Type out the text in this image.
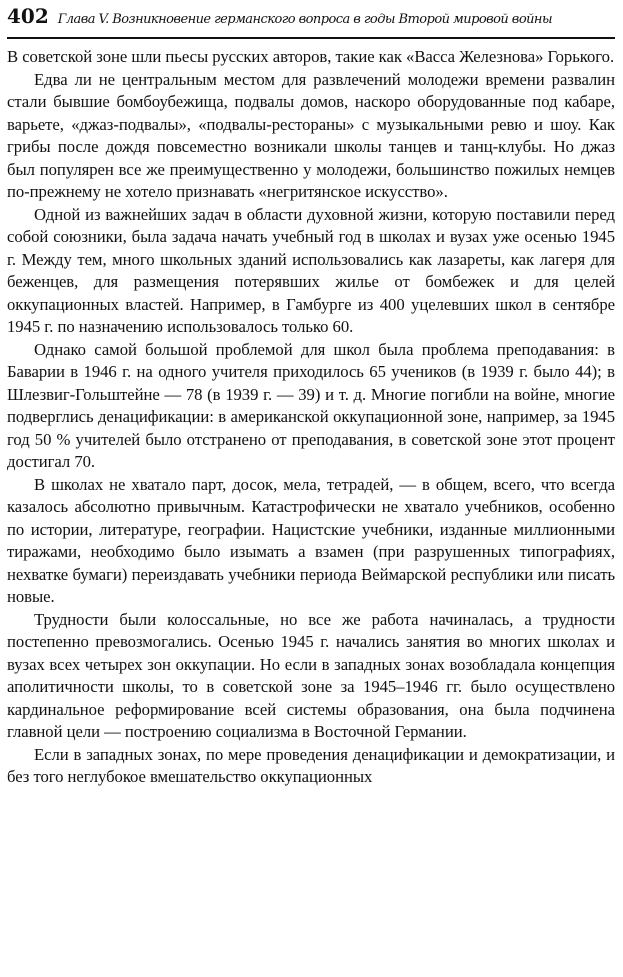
402 Глава V. Возникновение германского вопроса в годы Второй мировой войны

В советской зоне шли пьесы русских авторов, такие как «Васса Железнова» Горького.

Едва ли не центральным местом для развлечений молодежи времени развалин стали бывшие бомбоубежища, подвалы домов, наскоро оборудованные под кабаре, варьете, «джаз-подвалы», «подвалы-рестораны» с музыкальными ревю и шоу. Как грибы после дождя повсеместно возникали школы танцев и танц-клубы. Но джаз был популярен все же преимущественно у молодежи, большинство пожилых немцев по-прежнему не хотело признавать «негритянское искусство».

Одной из важнейших задач в области духовной жизни, которую поставили перед собой союзники, была задача начать учебный год в школах и вузах уже осенью 1945 г. Между тем, много школьных зданий использовались как лазареты, как лагеря для беженцев, для размещения потерявших жилье от бомбежек и для целей оккупационных властей. Например, в Гамбурге из 400 уцелевших школ в сентябре 1945 г. по назначению использовалось только 60.

Однако самой большой проблемой для школ была проблема преподавания: в Баварии в 1946 г. на одного учителя приходилось 65 учеников (в 1939 г. было 44); в Шлезвиг-Гольштейне — 78 (в 1939 г. — 39) и т. д. Многие погибли на войне, многие подверглись денацификации: в американской оккупационной зоне, например, за 1945 год 50 % учителей было отстранено от преподавания, в советской зоне этот процент достигал 70.

В школах не хватало парт, досок, мела, тетрадей, — в общем, всего, что всегда казалось абсолютно привычным. Катастрофически не хватало учебников, особенно по истории, литературе, географии. Нацистские учебники, изданные миллионными тиражами, необходимо было изымать а взамен (при разрушенных типографиях, нехватке бумаги) переиздавать учебники периода Веймарской республики или писать новые.

Трудности были колоссальные, но все же работа начиналась, а трудности постепенно превозмогались. Осенью 1945 г. начались занятия во многих школах и вузах всех четырех зон оккупации. Но если в западных зонах возобладала концепция аполитичности школы, то в советской зоне за 1945–1946 гг. было осуществлено кардинальное реформирование всей системы образования, она была подчинена главной цели — построению социализма в Восточной Германии.

Если в западных зонах, по мере проведения денацификации и демократизации, и без того неглубокое вмешательство оккупационных
